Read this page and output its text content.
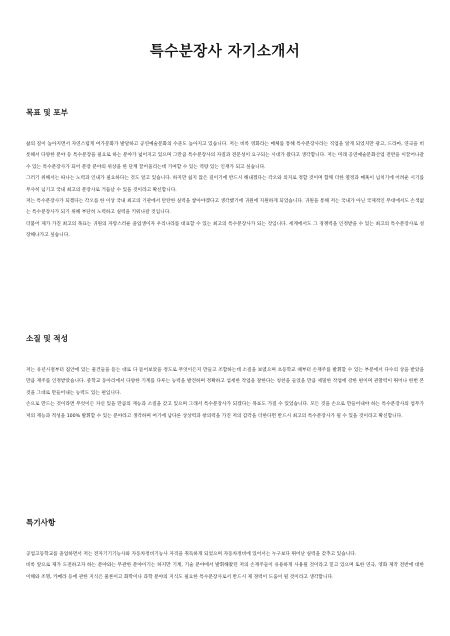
특수분장사 자기소개서
목표 및 포부

삶의 질이 높아지면서 자연스럽게 여가문화가 발달하고 공연예술문화의 수준도 높아지고 있습니다. 저는 비록 영화라는 매체를 통해 특수분장사라는 직업을 알게 되었지만 광고, 드라마, 연극을 비롯해서 다양한 분야 등 특수분장을 필요로 하는 분야가 넓어지고 있으며 그만큼 특수분장사의 자질과 전문성이 요구되는 시대가 왔다고 생각합니다. 저는 미래 공연예술문화산업 전반을 이끌어나갈 수 있는 특수분장사가 되어 분장 분야의 위상을 한 단계 끌어올리는데 기여할 수 있는 역량 있는 인재가 되고 싶습니다.

그러기 위해서는 따나는 노력과 인내가 필요하다는 것도 알고 있습니다. 하지만 쉽지 않은 길이기에 반드시 해내겠다는 각오와 의지로 정할 것이며 함께 더한 열정과 매혹이 넘치기에 어려운 시기를 무사히 넘기고 국내 최고의 분장사로 거듭날 수 있을 것이라고 확신합니다.

저는 특수분장사가 되겠다는 각오를 한 이상 국내 최고의 기관에서 탄탄한 실력을 쌓아야겠다고 생각했기에 귀원에 지원하게 되었습니다. 귀원을 통해 저는 국내가 아닌 국제적인 무대에서도 손색없는 특수분장사가 되기 위해 부단히 노력하고 실력을 키워나갈 것입니다.

더불어 제가 가진 최고의 목표는 귀원의 자랑스러운 졸업생이자 우리나라를 대표할 수 있는 최고의 특수분장사가 되는 것입니다. 세계에서도 그 경쟁력을 인정받을 수 있는 최고의 특수분장사로 성장해나가고 싶습니다.

소질 및 적성

저는 유년시절부터 집안에 있는 물건들을 뜯는 대로 다 뜯어보았을 정도로 무엇이든지 만들고 조합하는데 소질을 보였으며 초등학교 때부터 손재주를 발휘할 수 있는 부분에서 다수의 상을 받았을 만큼 재주를 인정받았습니다. 중학교 동아리에서 다양한 기계를 다루는 능력을 발견하며 정확하고 섬세한 작업을 잘한다는 칭찬을 들었을 만큼 세밀한 작업에 강한 편이며 관찰력이 뛰어나 한번 본 것을 그대로 만들어내는 능력도 있는 편입니다.

손으로 만드는 것이라면 무엇이든 자신 있을 만큼의 재능과 소질을 갖고 있으며 그래서 특수분장사가 되겠다는 목표도 가질 수 있었습니다. 모든 것을 손으로 만들어내야 하는 특수분장사의 업무가 저의 재능과 적성을 100% 발휘할 수 있는 분야라고 생각하며 여기에 남다른 상상력과 창의력을 가진 저의 감각을 더한다면 반드시 최고의 특수분장사가 될 수 있을 것이라고 확신합니다.

특기사항

공업고등학교를 졸업하면서 저는 전자기기기능사와 자동차정비기능사 자격을 취득하게 되었으며 자동차정비에 있어서는 누구보다 뛰어난 실력을 갖추고 있습니다.

비록 앞으로 제가 도전하고자 하는 분야와는 무관한 분야이기는 하지만 기계, 기술 분야에서 발휘해왔던 저의 손재주들이 유용하게 사용될 것이라고 믿고 있으며 또한 연극, 영화 제작 전반에 대한 이해와 조명, 카메라 등에 관한 지식은 물론이고 화학이나 과학 분야의 지식도 필요한 특수분장사로서 반드시 제 경력이 도움이 될 것이라고 생각합니다.
